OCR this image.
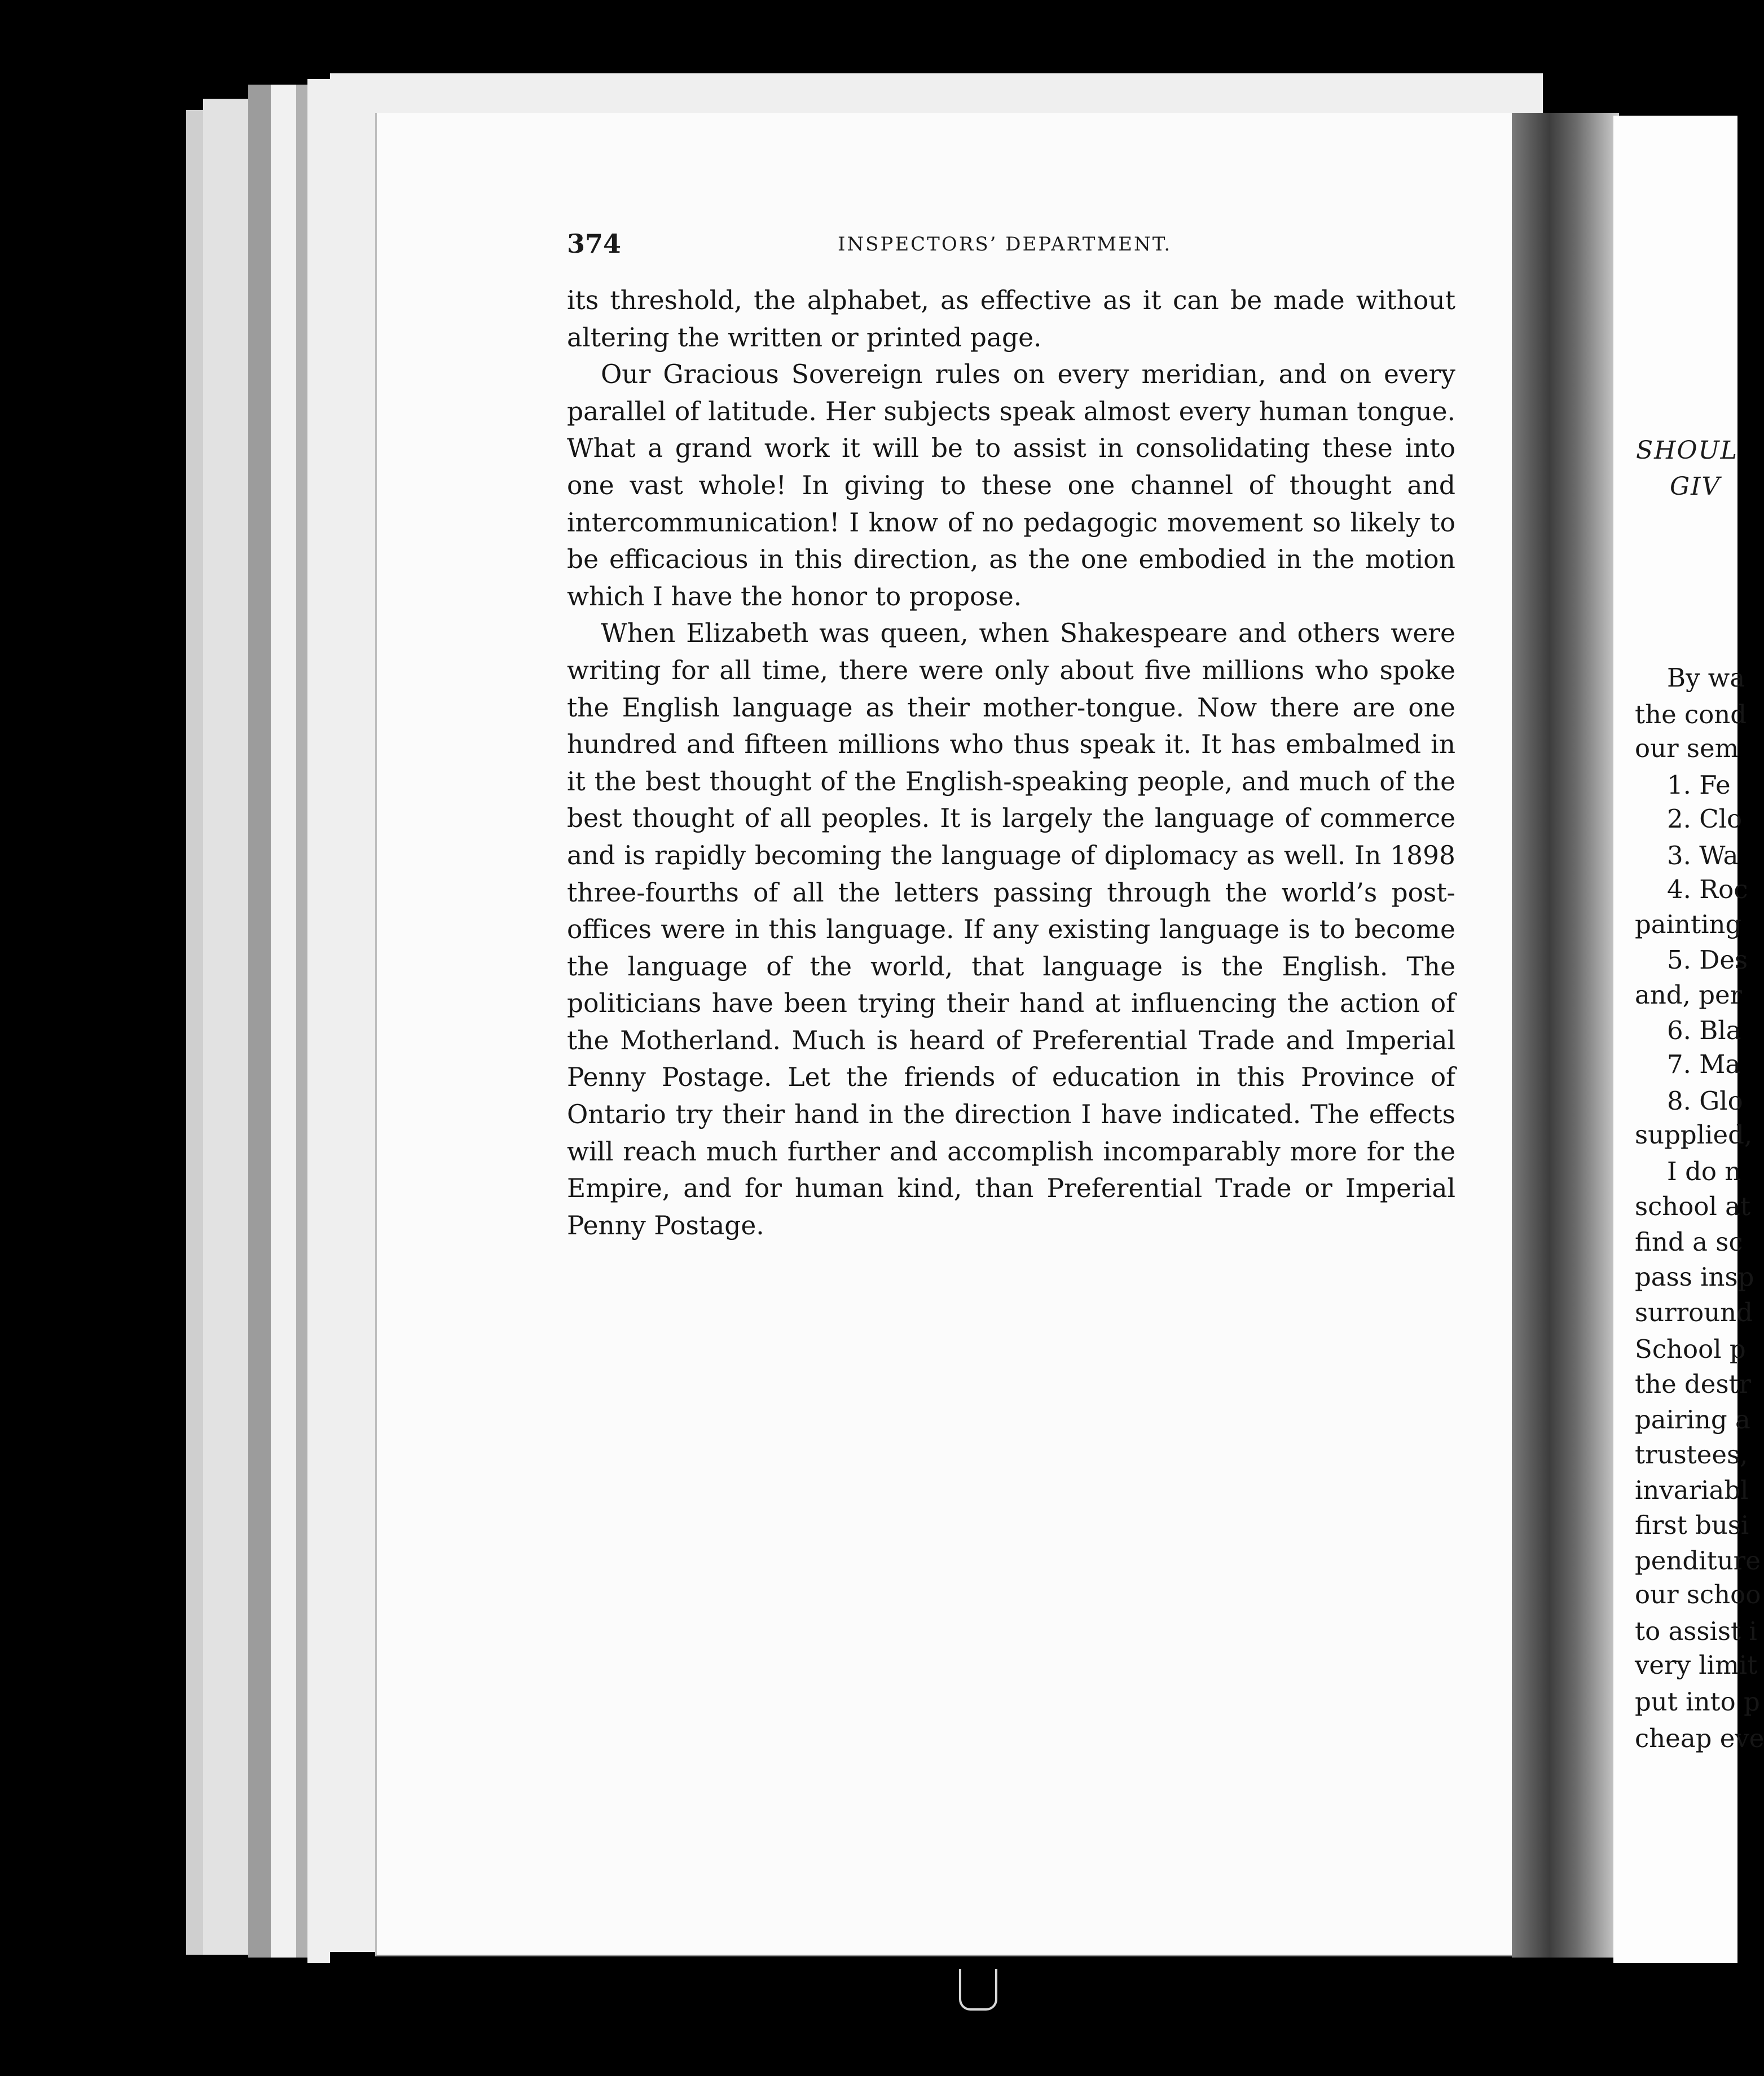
374	INSPECTORS’ DEPARTMENT.

its threshold, the alphabet, as effective as it can be made without altering the written or printed page.

Our Gracious Sovereign rules on every meridian, and on every parallel of latitude. Her subjects speak almost every human tongue. What a grand work it will be to assist in consolidating these into one vast whole! In giving to these one channel of thought and intercommunication! I know of no pedagogic movement so likely to be efficacious in this direction, as the one embodied in the motion which I have the honor to propose.

When Elizabeth was queen, when Shakespeare and others were writing for all time, there were only about five millions who spoke the English language as their mother-tongue. Now there are one hundred and fifteen millions who thus speak it. It has embalmed in it the best thought of the English-speaking people, and much of the best thought of all peoples. It is largely the language of commerce and is rapidly becoming the language of diplomacy as well. In 1898 three-fourths of all the letters passing through the world’s post-offices were in this language. If any existing language is to become the language of the world, that language is the English. The politicians have been trying their hand at influencing the action of the Motherland. Much is heard of Preferential Trade and Imperial Penny Postage. Let the friends of education in this Province of Ontario try their hand in the direction I have indicated. The effects will reach much further and accomplish incomparably more for the Empire, and for human kind, than Preferential Trade or Imperial Penny Postage.

SHOUL
GIV
By wa
the cond
our sem
1. Fe
2. Clo
3. Wa
4. Roc
painting
5. Des
and, per
6. Bla
7. Ma
8. Glo
supplied,
I do n
school at
find a sc
pass insp
surround
School p
the destr
pairing a
trustees,
invariabl
first busi
penditure
our schoo
to assist i
very limit
put into p
cheap eve
